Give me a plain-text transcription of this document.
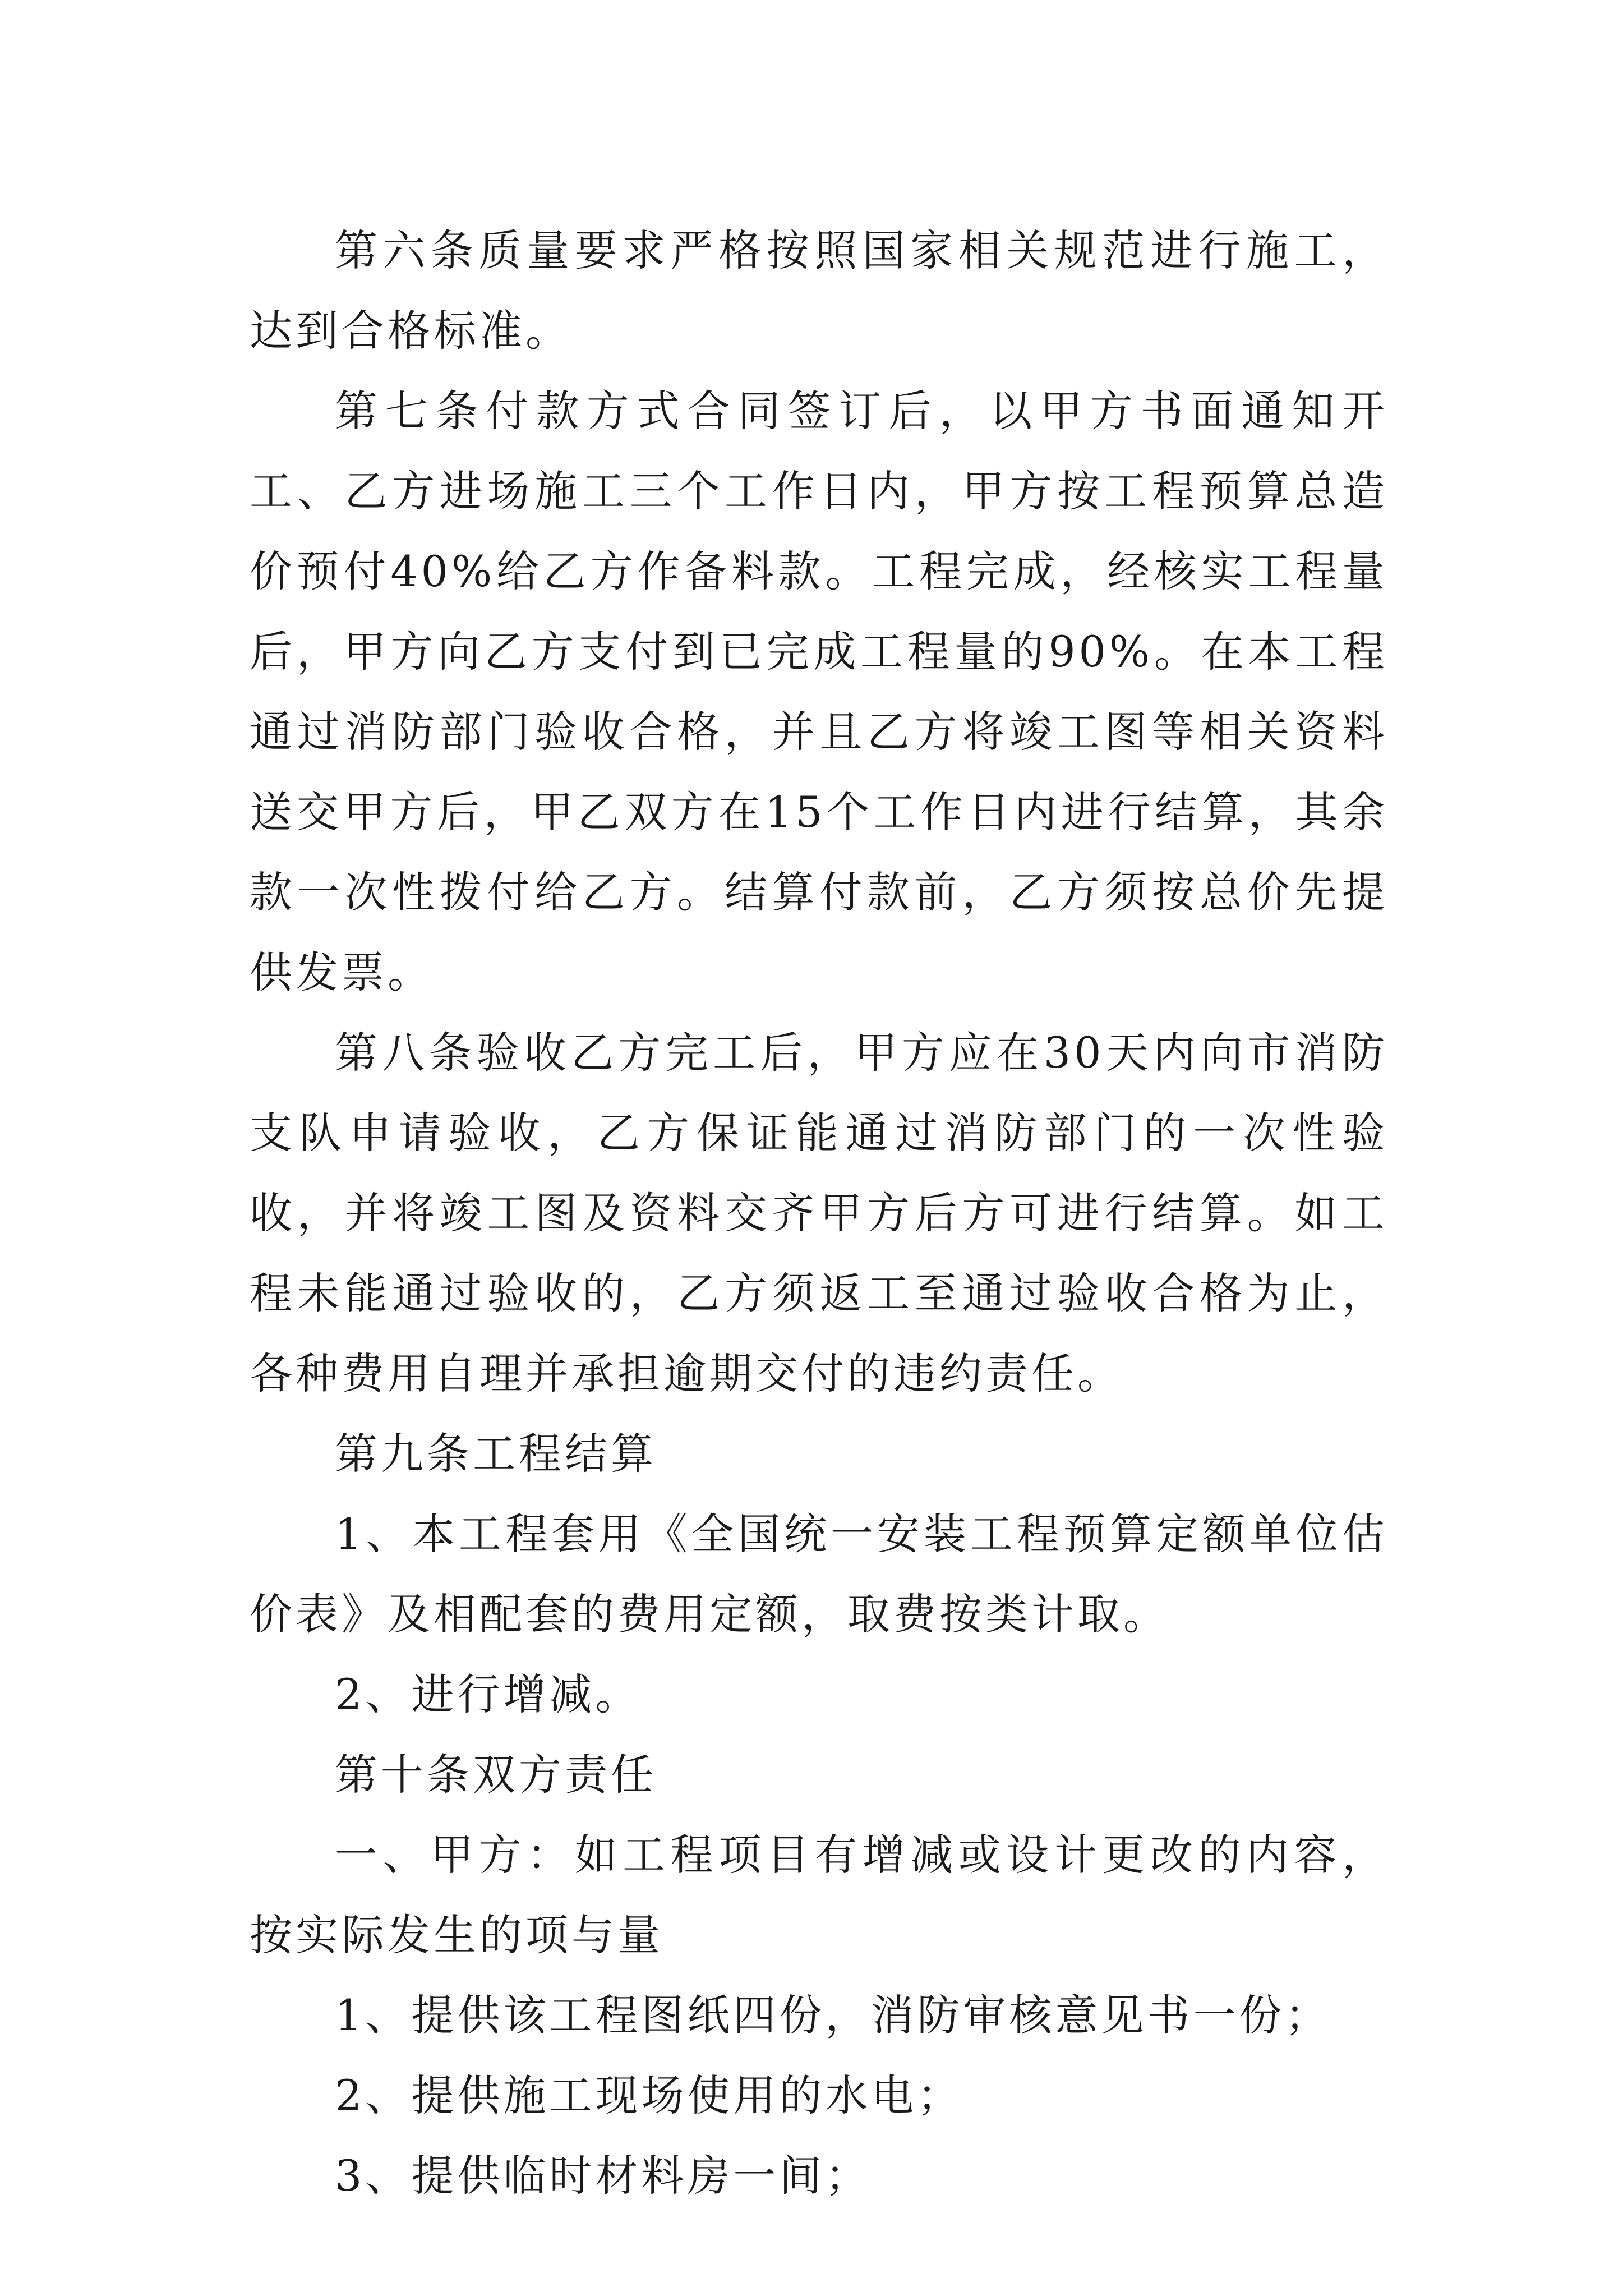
第六条质量要求严格按照国家相关规范进行施工，达到合格标准。

第七条付款方式合同签订后，以甲方书面通知开工、乙方进场施工三个工作日内，甲方按工程预算总造价预付40%给乙方作备料款。工程完成，经核实工程量后，甲方向乙方支付到已完成工程量的90%。在本工程通过消防部门验收合格，并且乙方将竣工图等相关资料送交甲方后，甲乙双方在15个工作日内进行结算，其余款一次性拨付给乙方。结算付款前，乙方须按总价先提供发票。

第八条验收乙方完工后，甲方应在30天内向市消防支队申请验收，乙方保证能通过消防部门的一次性验收，并将竣工图及资料交齐甲方后方可进行结算。如工程未能通过验收的，乙方须返工至通过验收合格为止，各种费用自理并承担逾期交付的违约责任。

第九条工程结算

1、本工程套用《全国统一安装工程预算定额单位估价表》及相配套的费用定额，取费按类计取。

2、进行增减。

第十条双方责任

一、甲方：如工程项目有增减或设计更改的内容，按实际发生的项与量

1、提供该工程图纸四份，消防审核意见书一份；

2、提供施工现场使用的水电；

3、提供临时材料房一间；
